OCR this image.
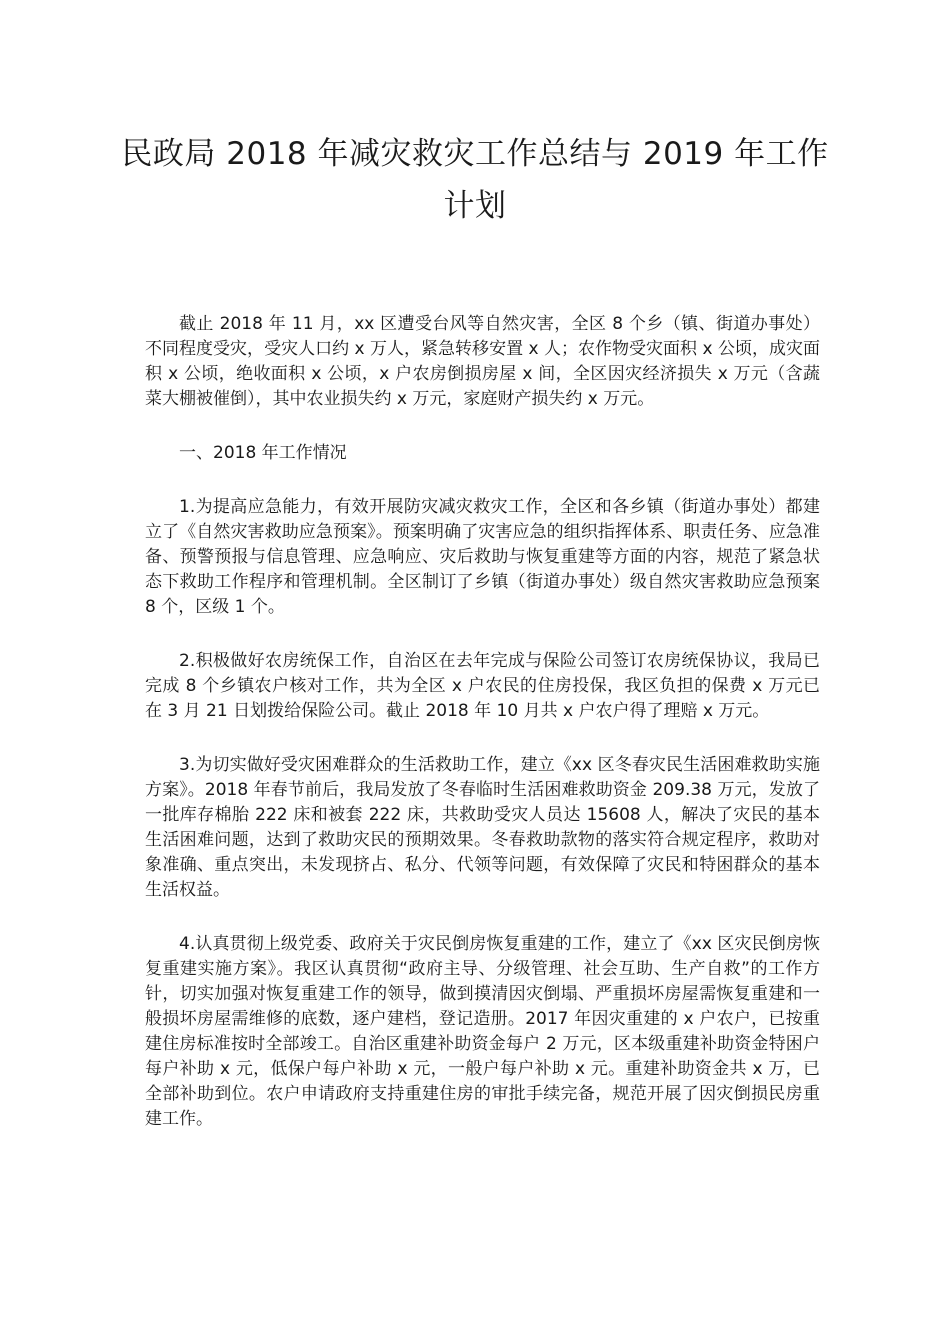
民政局 2018 年减灾救灾工作总结与 2019 年工作计划

截止 2018 年 11 月，xx 区遭受台风等自然灾害，全区 8 个乡（镇、街道办事处）不同程度受灾，受灾人口约 x 万人，紧急转移安置 x 人；农作物受灾面积 x 公顷，成灾面积 x 公顷，绝收面积 x 公顷，x 户农房倒损房屋 x 间，全区因灾经济损失 x 万元（含蔬菜大棚被催倒），其中农业损失约 x 万元，家庭财产损失约 x 万元。

一、2018 年工作情况

1.为提高应急能力，有效开展防灾减灾救灾工作，全区和各乡镇（街道办事处）都建立了《自然灾害救助应急预案》。预案明确了灾害应急的组织指挥体系、职责任务、应急准备、预警预报与信息管理、应急响应、灾后救助与恢复重建等方面的内容，规范了紧急状态下救助工作程序和管理机制。全区制订了乡镇（街道办事处）级自然灾害救助应急预案 8 个，区级 1 个。

2.积极做好农房统保工作，自治区在去年完成与保险公司签订农房统保协议，我局已完成 8 个乡镇农户核对工作，共为全区 x 户农民的住房投保，我区负担的保费 x 万元已在 3 月 21 日划拨给保险公司。截止 2018 年 10 月共 x 户农户得了理赔 x 万元。

3.为切实做好受灾困难群众的生活救助工作，建立《xx 区冬春灾民生活困难救助实施方案》。2018 年春节前后，我局发放了冬春临时生活困难救助资金 209.38 万元，发放了一批库存棉胎 222 床和被套 222 床，共救助受灾人员达 15608 人，解决了灾民的基本生活困难问题，达到了救助灾民的预期效果。冬春救助款物的落实符合规定程序，救助对象准确、重点突出，未发现挤占、私分、代领等问题，有效保障了灾民和特困群众的基本生活权益。

4.认真贯彻上级党委、政府关于灾民倒房恢复重建的工作，建立了《xx 区灾民倒房恢复重建实施方案》。我区认真贯彻“政府主导、分级管理、社会互助、生产自救”的工作方针，切实加强对恢复重建工作的领导，做到摸清因灾倒塌、严重损坏房屋需恢复重建和一般损坏房屋需维修的底数，逐户建档，登记造册。2017 年因灾重建的 x 户农户，已按重建住房标准按时全部竣工。自治区重建补助资金每户 2 万元，区本级重建补助资金特困户每户补助 x 元，低保户每户补助 x 元，一般户每户补助 x 元。重建补助资金共 x 万，已全部补助到位。农户申请政府支持重建住房的审批手续完备，规范开展了因灾倒损民房重建工作。
